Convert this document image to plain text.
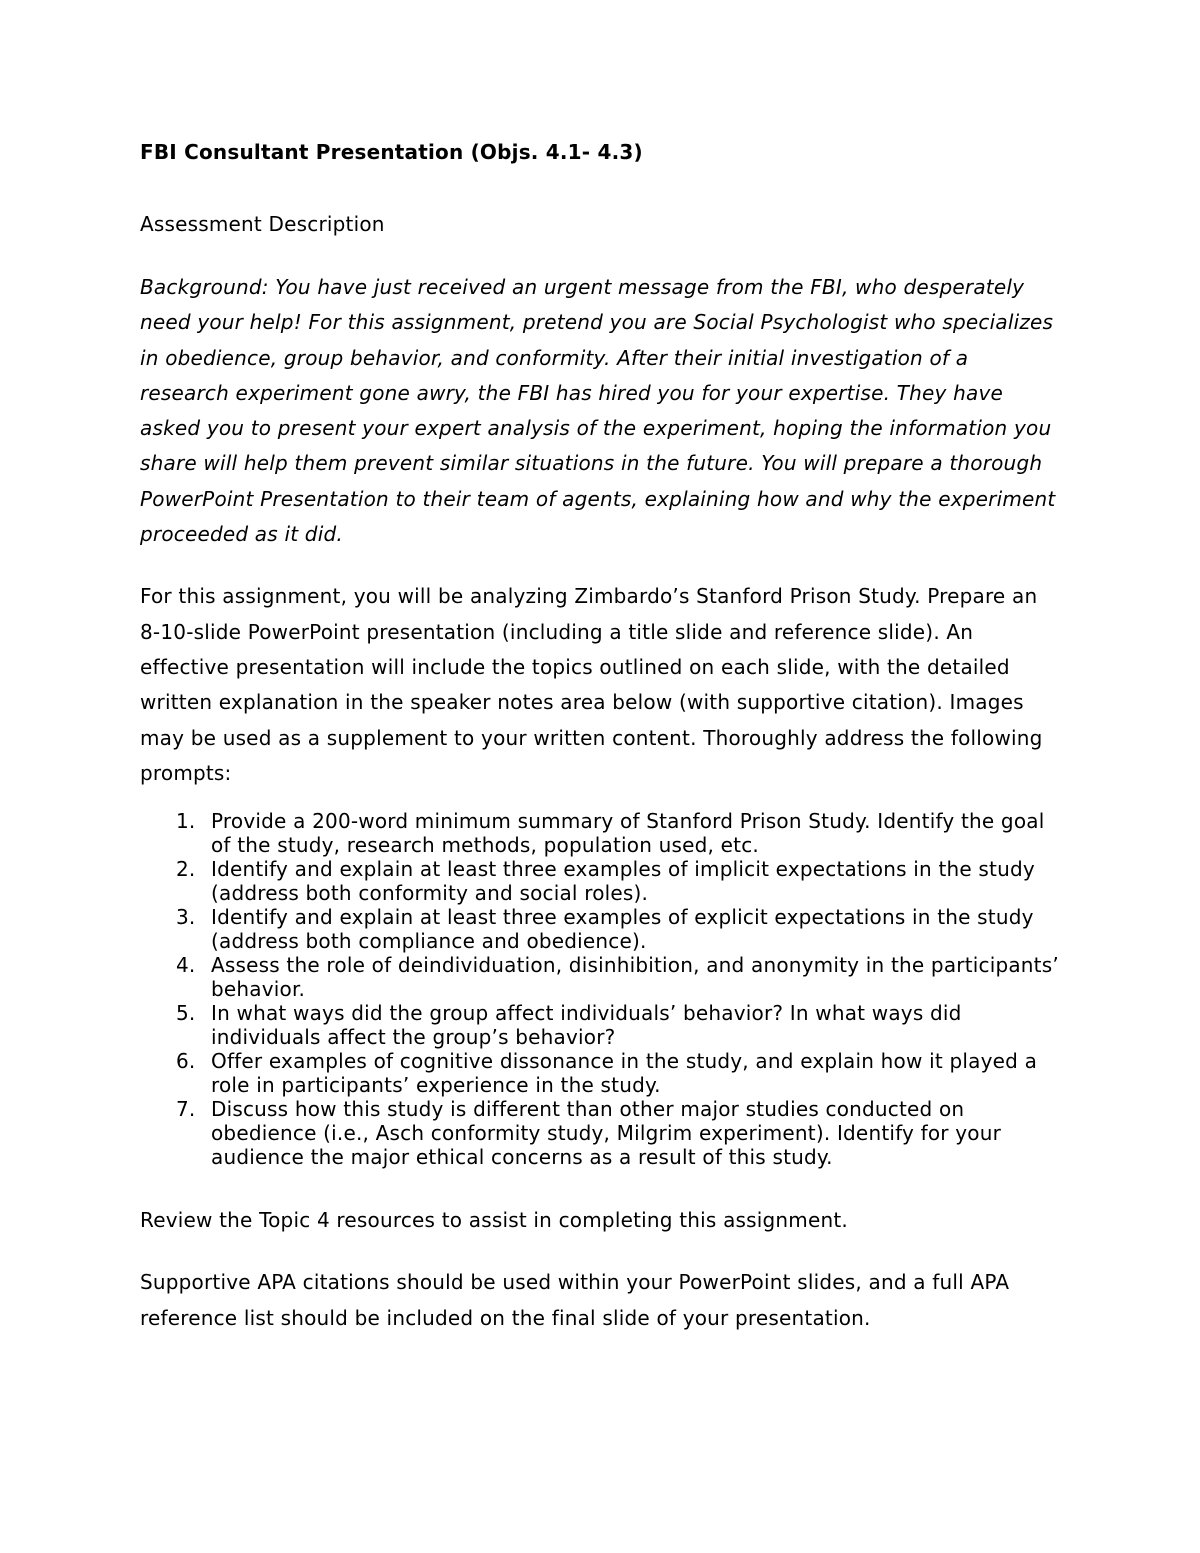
FBI Consultant Presentation (Objs. 4.1- 4.3)

Assessment Description

Background: You have just received an urgent message from the FBI, who desperately need your help! For this assignment, pretend you are Social Psychologist who specializes in obedience, group behavior, and conformity. After their initial investigation of a research experiment gone awry, the FBI has hired you for your expertise. They have asked you to present your expert analysis of the experiment, hoping the information you share will help them prevent similar situations in the future. You will prepare a thorough PowerPoint Presentation to their team of agents, explaining how and why the experiment proceeded as it did.

For this assignment, you will be analyzing Zimbardo’s Stanford Prison Study. Prepare an 8-10-slide PowerPoint presentation (including a title slide and reference slide). An effective presentation will include the topics outlined on each slide, with the detailed written explanation in the speaker notes area below (with supportive citation). Images may be used as a supplement to your written content. Thoroughly address the following prompts:

1. Provide a 200-word minimum summary of Stanford Prison Study. Identify the goal of the study, research methods, population used, etc.
2. Identify and explain at least three examples of implicit expectations in the study (address both conformity and social roles).
3. Identify and explain at least three examples of explicit expectations in the study (address both compliance and obedience).
4. Assess the role of deindividuation, disinhibition, and anonymity in the participants’ behavior.
5. In what ways did the group affect individuals’ behavior? In what ways did individuals affect the group’s behavior?
6. Offer examples of cognitive dissonance in the study, and explain how it played a role in participants’ experience in the study.
7. Discuss how this study is different than other major studies conducted on obedience (i.e., Asch conformity study, Milgrim experiment). Identify for your audience the major ethical concerns as a result of this study.

Review the Topic 4 resources to assist in completing this assignment.

Supportive APA citations should be used within your PowerPoint slides, and a full APA reference list should be included on the final slide of your presentation.
